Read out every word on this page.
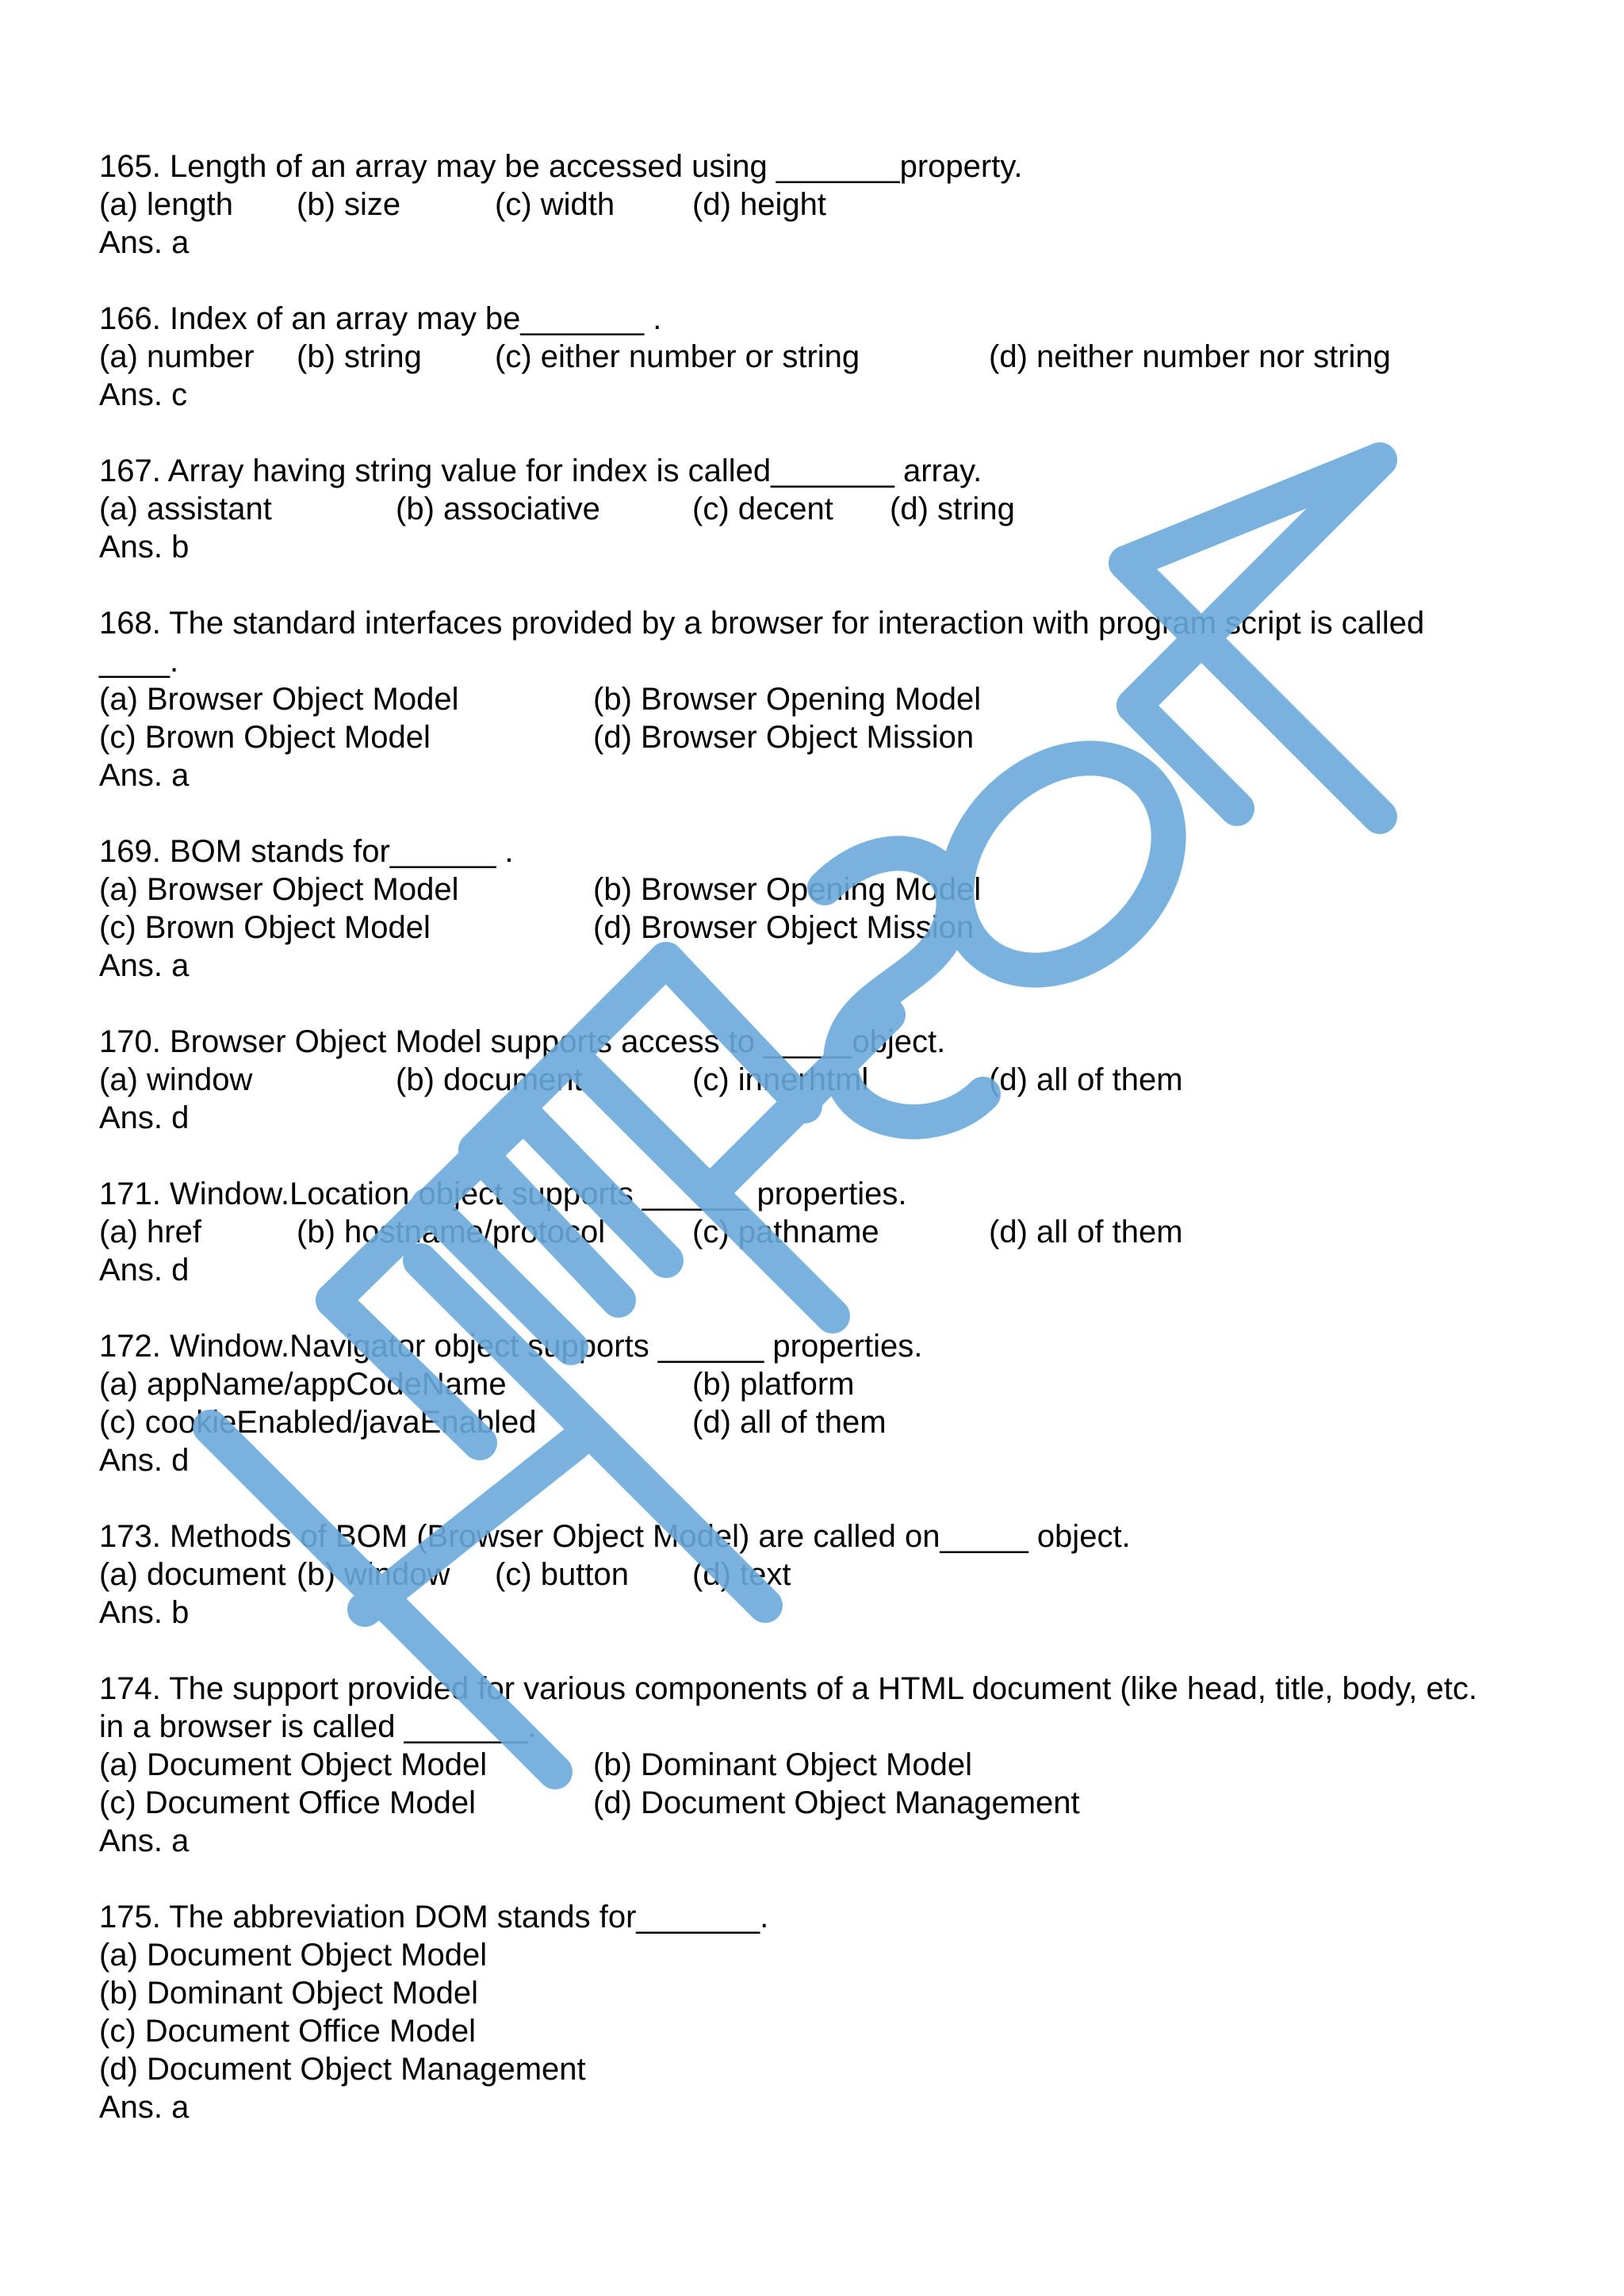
165. Length of an array may be accessed using _______property.

(a) length (b) size	(c) width (d) height

Ans. a

166. Index of an array may be_______ .

(a) number (b) string (c) either number or string	(d) neither number nor string

Ans. c

167. Array having string value for index is called_______ array.

(a) assistant	(b) associative	(c) decent (d) string

Ans. b

168. The standard interfaces provided by a browser for interaction with program script is called

____.

(a) Browser Object Model	(b) Browser Opening Model
(c) Brown Object Model	(d) Browser Object Mission

Ans. a

169. BOM stands for______ .

(a) Browser Object Model	(b) Browser Opening Model
(c) Brown Object Model	(d) Browser Object Mission

Ans. a

170. Browser Object Model supports access to _____object.

(a) window	(b) document	(c) innerhtml	(d) all of them

Ans. d

171. Window.Location object supports ______ properties.

(a) href	(b) hostname/protocol	(c) pathname	(d) all of them

Ans. d

172. Window.Navigator object supports ______ properties.

(a) appName/appCodeName	(b) platform
(c) cookieEnabled/javaEnabled	(d) all of them

Ans. d

173. Methods of BOM (Browser Object Model) are called on_____ object.

(a) document (b) window (c) button (d) text

Ans. b

174. The support provided for various components of a HTML document (like head, title, body, etc.

in a browser is called _______.

(a) Document Object Model	(b) Dominant Object Model
(c) Document Office Model	(d) Document Object Management

Ans. a

175. The abbreviation DOM stands for_______.

(a) Document Object Model

(b) Dominant Object Model

(c) Document Office Model

(d) Document Object Management

Ans. a
